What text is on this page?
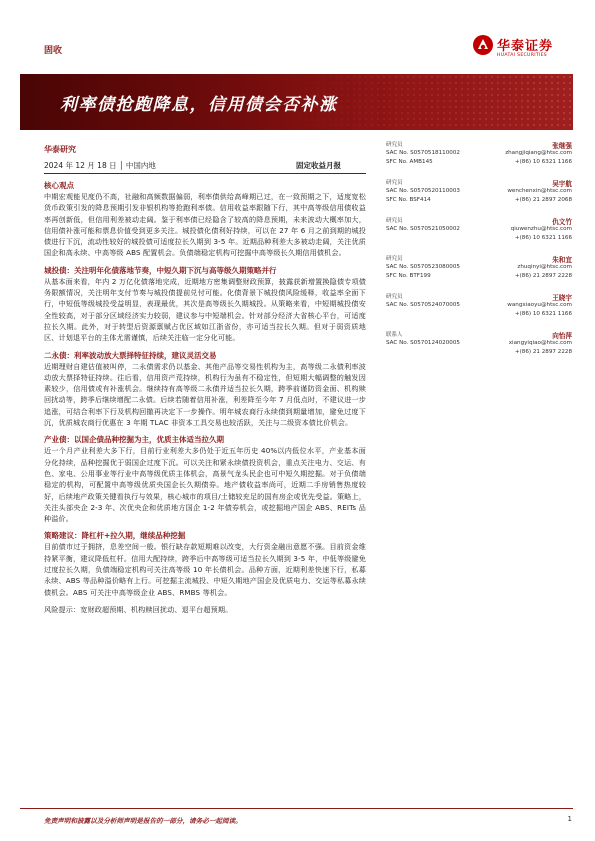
固收	华泰证券
HUATAI SECURITIES
利率债抢跑降息，信用债会否补涨
华泰研究
2024 年 12 月 18 日 │ 中国内地	固定收益月报
核心观点
中期宏观能见度仍不高，社融和高频数据偏弱，利率债供给高峰期已过，在一致预期之下，适度宽松货币政策引发的降息预期引发非银机构等抢跑利率债。信用收益率跟随下行，其中高等级信用债收益率再创新低，但信用利差被动走阔。鉴于利率债已经隐含了较高的降息预期，未来波动大概率加大，信用债补涨可能和票息价值受到更多关注。城投债化债利好持续，可以在 27 年 6 月之前到期的城投债进行下沉，流动性较好的城投债可适度拉长久期到 3-5 年。近期品种利差大多被动走阔，关注优质国企和高永续、中高等级 ABS 配置机会。负债端稳定机构可挖掘中高等级长久期信用债机会。
城投债：关注明年化债落地节奏，中短久期下沉与高等级久期策略并行
从基本面来看，年内 2 万亿化债落地完成，近期地方密集调整财政预算，披露获新增置换隐债专项债务限额情况，关注明年支付节奏与城投债提前兑付可能。化债背景下城投债风险缓释，收益率全面下行，中短低等级城投受益明显，表现最优，其次是高等级长久期城投。从策略来看，中短期城投债安全性较高，对于部分区域经济实力较弱，建议参与中短端机会。针对部分经济大省核心平台，可适度拉长久期。此外，对于转型后资源禀赋占优区域如江浙省份，亦可适当拉长久期。但对于弱资质地区、计划退平台的主体尤需谨慎，后续关注临一定分化可能。
二永债：利率波动放大票择特征持续，建议灵活交易
近期理财自建估值被叫停，二永债需求仍以基金、其他产品等交易性机构为主，高等级二永债利率波动放大票择特征持续。往后看，信用资产荒持续，机构行为虽有不稳定性，但短期大幅调整的触发因素较少，信用债或有补涨机会。继续持有高等级二永债并适当拉长久期，跨季前谨防资金面、机构赎回扰动等，跨季后继续增配二永债。后续若随着信用补涨，利差降至今年 7 月低点时，不建议进一步追涨，可结合利率下行及机构回撤再决定下一步操作。明年城农商行永续债到期量增加，避免过度下沉，优质城农商行优惠在 3 年期 TLAC 非资本工具交易也较活跃，关注与二级资本债比价机会。
产业债：以国企债品种挖掘为主，优质主体适当拉久期
近一个月产业利差大多下行，目前行业利差大多仍处于近五年历史 40%以内低位水平，产业基本面分化持续，品种挖掘优于弱国企过度下沉。可以关注和紧永续债投资机会，重点关注电力、交运、有色、家电、公用事业等行业中高等级优质主体机会，高景气龙头民企也可中短久期挖掘。对于负债端稳定的机构，可配置中高等级优质央国企长久期债券。地产债收益率尚可，近期二手房销售热度较好，后续地产政策关键看执行与效果，核心城市的项目/土储较充足的国有房企或优先受益。策略上，关注头部央企 2-3 年、次优央企和优质地方国企 1-2 年债券机会，或挖掘地产国企 ABS、REITs 品种溢价。
策略建议：降杠杆+拉久期，继续品种挖掘
目前债市过于拥挤，息差空间一般。银行缺存款短期难以改变，大行资金融出意愿不强。目前资金维持紧平衡，建议降低杠杆。信用大配持续，跨季后中高等级可适当拉长久期到 3-5 年，中低等级避免过度拉长久期，负债端稳定机构可关注高等级 10 年长债机会。品种方面，近期利差快速下行，私募永续、ABS 等品种溢价略有上行。可挖掘主流城投、中短久期地产国企及优质电力、交运等私募永续债机会。ABS 可关注中高等级企业 ABS、RMBS 等机会。
风险提示：宽财政超预期、机构赎回扰动、退平台超预期。
研究员	张继强
SAC No. S0570518110002	zhangjiqiang@htsc.com
SFC No. AMB145	+(86) 10 6321 1166
研究员	吴宇航
SAC No. S0570520110003	wenchenxin@htsc.com
SFC No. BSF414	+(86) 21 2897 2068
研究员	仇文竹
SAC No. S0570521050002	qiuwenzhu@htsc.com
+(86) 10 6321 1166
研究员	朱和宜
SAC No. S0570523080005	zhuqinyi@htsc.com
SFC No. BTF199	+(86) 21 2897 2228
研究员	王晓宇
SAC No. S0570524070005	wangxiaoyu@htsc.com
+(86) 10 6321 1166
联系人	向怡萍
SAC No. S0570124020005	xiangyiqiao@htsc.com
+(86) 21 2897 2228
免责声明和披露以及分析师声明是报告的一部分，请务必一起阅读。	1
